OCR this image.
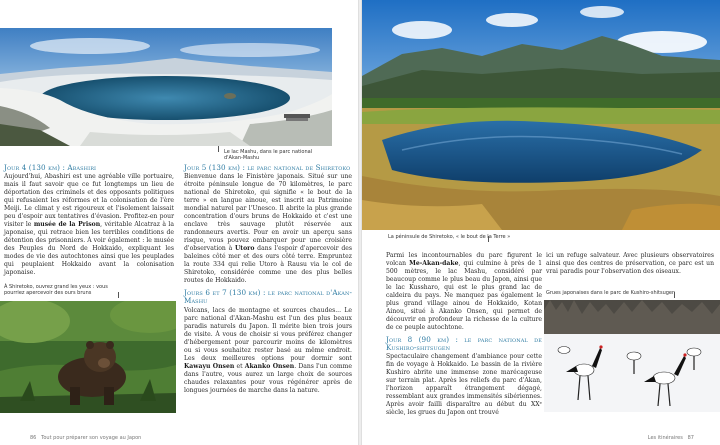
Le lac Mashu, dans le parc national d'Akan-Mashu
Jour 4 (130 km) : Abashiri

Aujourd'hui, Abashiri est une agréable ville portuaire, mais il faut savoir que ce fut longtemps un lieu de déportation des criminels et des opposants politiques qui refusaient les réformes et la colonisation de l'ère Meiji. Le climat y est rigoureux et l'isolement laissait peu d'espoir aux tentatives d'évasion. Profitez-en pour visiter le musée de la Prison, véritable Alcatraz à la japonaise, qui retrace bien les terribles conditions de détention des prisonniers. À voir également : le musée des Peuples du Nord de Hokkaido, expliquant les modes de vie des autochtones ainsi que les peuplades qui peuplaient Hokkaido avant la colonisation japonaise.

À Shiretoko, ouvrez grand les yeux : vous pourriez apercevoir des ours bruns
Jour 5 (130 km) : le parc national de Shiretoko

Bienvenue dans le Finistère japonais. Situé sur une étroite péninsule longue de 70 kilomètres, le parc national de Shiretoko, qui signifie « le bout de la terre » en langue ainoue, est inscrit au Patrimoine mondial naturel par l'Unesco. Il abrite la plus grande concentration d'ours bruns de Hokkaido et c'est une enclave très sauvage plutôt réservée aux randonneurs avertis. Pour en avoir un aperçu sans risque, vous pouvez embarquer pour une croisière d'observation à Utoro dans l'espoir d'apercevoir des baleines côté mer et des ours côté terre. Empruntez la route 334 qui relie Utoro à Rausu via le col de Shiretoko, considérée comme une des plus belles routes de Hokkaido.

Jours 6 et 7 (130 km) : le parc national d'Akan-Mashu

Volcans, lacs de montagne et sources chaudes... Le parc national d'Akan-Mashu est l'un des plus beaux paradis naturels du Japon. Il mérite bien trois jours de visite. À vous de choisir si vous préférez changer d'hébergement pour parcourir moins de kilomètres ou si vous souhaitez rester basé au même endroit. Les deux meilleures options pour dormir sont Kawayu Onsen et Akanko Onsen. Dans l'un comme dans l'autre, vous aurez un large choix de sources chaudes relaxantes pour vous régénérer après de longues journées de marche dans la nature.

86 Tout pour préparer son voyage au Japon
La péninsule de Shiretoko, « le bout de la Terre »

Parmi les incontournables du parc figurent le volcan Me-Akan-dake, qui culmine à près de 1 500 mètres, le lac Mashu, considéré par beaucoup comme le plus beau du Japon, ainsi que le lac Kussharo, qui est le plus grand lac de caldeira du pays. Ne manquez pas également le plus grand village ainou de Hokkaido, Kotan Ainou, situé à Akanko Onsen, qui permet de découvrir en profondeur la richesse de la culture de ce peuple autochtone.

Jour 8 (90 km) : le parc national de Kushiro-shitsugen

Spectaculaire changement d'ambiance pour cette fin de voyage à Hokkaido. Le bassin de la rivière Kushiro abrite une immense zone marécageuse sur terrain plat. Après les reliefs du parc d'Akan, l'horizon apparaît étrangement dégagé, ressemblant aux grandes immensités sibériennes. Après avoir failli disparaître au début du XXᵉ siècle, les grues du Japon ont trouvé

ici un refuge salvateur. Avec plusieurs observatoires ainsi que des centres de préservation, ce parc est un vrai paradis pour l'observation des oiseaux.

Grues japonaises dans le parc de Kushiro-shitsugen
Les itinéraires 87
